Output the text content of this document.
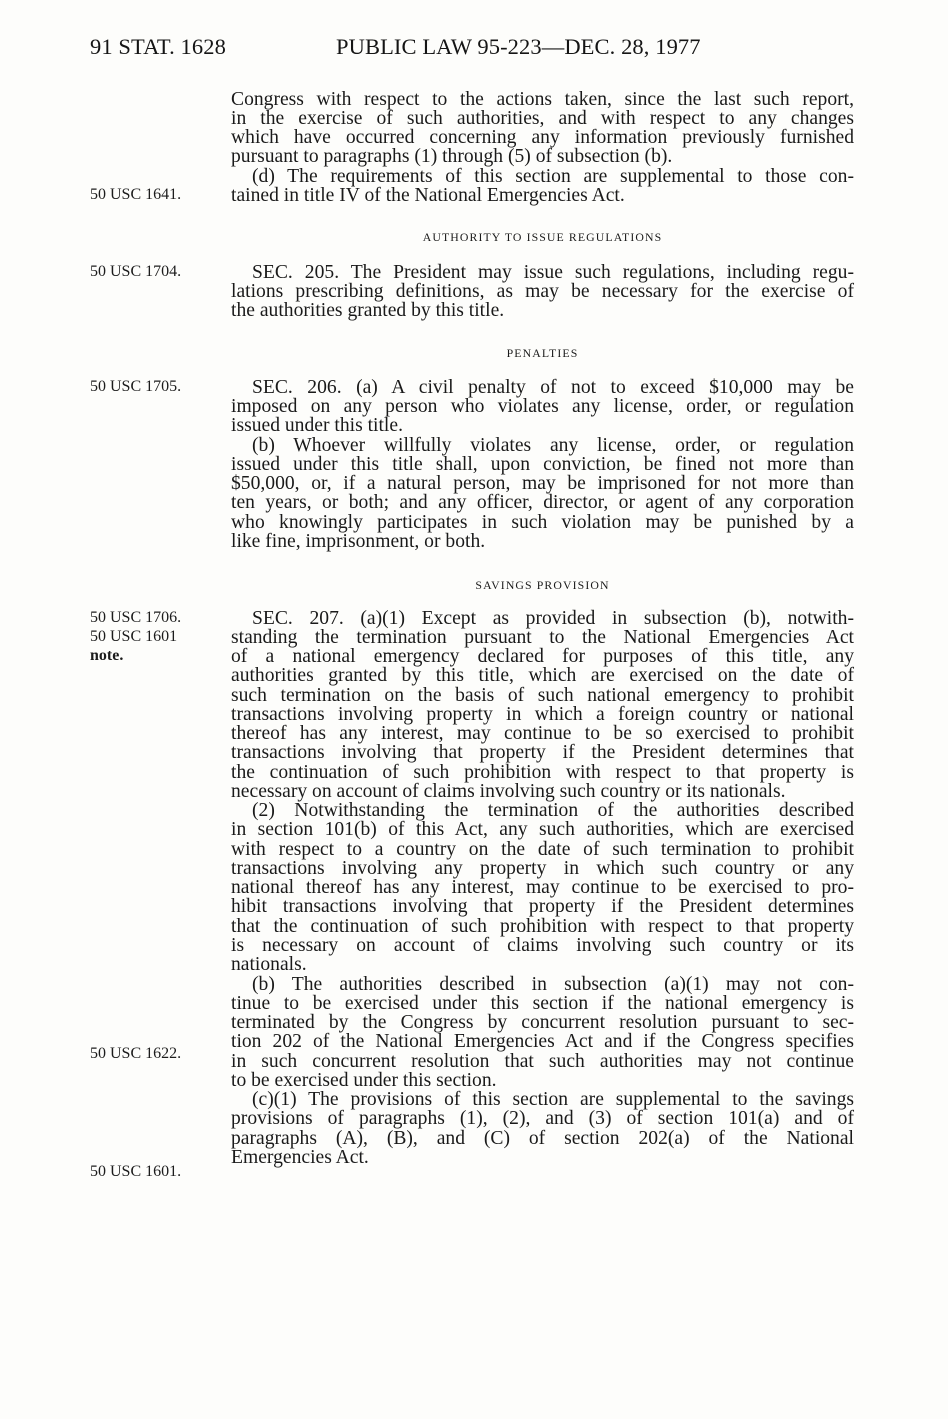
91 STAT. 1628	PUBLIC LAW 95-223—DEC. 28, 1977
50 USC 1641.
50 USC 1704.
50 USC 1705.
50 USC 1706.
50 USC 1601
note.
50 USC 1622.
50 USC 1601.
AUTHORITY TO ISSUE REGULATIONS
PENALTIES
SAVINGS PROVISION
Congress with respect to the actions taken, since the last such report,
in the exercise of such authorities, and with respect to any changes
which have occurred concerning any information previously furnished
pursuant to paragraphs (1) through (5) of subsection (b).
(d) The requirements of this section are supplemental to those con-
tained in title IV of the National Emergencies Act.
SEC. 205. The President may issue such regulations, including regu-
lations prescribing definitions, as may be necessary for the exercise of
the authorities granted by this title.
SEC. 206. (a) A civil penalty of not to exceed $10,000 may be
imposed on any person who violates any license, order, or regulation
issued under this title.
(b) Whoever willfully violates any license, order, or regulation
issued under this title shall, upon conviction, be fined not more than
$50,000, or, if a natural person, may be imprisoned for not more than
ten years, or both; and any officer, director, or agent of any corporation
who knowingly participates in such violation may be punished by a
like fine, imprisonment, or both.
SEC. 207. (a)(1) Except as provided in subsection (b), notwith-
standing the termination pursuant to the National Emergencies Act
of a national emergency declared for purposes of this title, any
authorities granted by this title, which are exercised on the date of
such termination on the basis of such national emergency to prohibit
transactions involving property in which a foreign country or national
thereof has any interest, may continue to be so exercised to prohibit
transactions involving that property if the President determines that
the continuation of such prohibition with respect to that property is
necessary on account of claims involving such country or its nationals.
(2) Notwithstanding the termination of the authorities described
in section 101(b) of this Act, any such authorities, which are exercised
with respect to a country on the date of such termination to prohibit
transactions involving any property in which such country or any
national thereof has any interest, may continue to be exercised to pro-
hibit transactions involving that property if the President determines
that the continuation of such prohibition with respect to that property
is necessary on account of claims involving such country or its
nationals.
(b) The authorities described in subsection (a)(1) may not con-
tinue to be exercised under this section if the national emergency is
terminated by the Congress by concurrent resolution pursuant to sec-
tion 202 of the National Emergencies Act and if the Congress specifies
in such concurrent resolution that such authorities may not continue
to be exercised under this section.
(c)(1) The provisions of this section are supplemental to the savings
provisions of paragraphs (1), (2), and (3) of section 101(a) and of
paragraphs (A), (B), and (C) of section 202(a) of the National
Emergencies Act.
